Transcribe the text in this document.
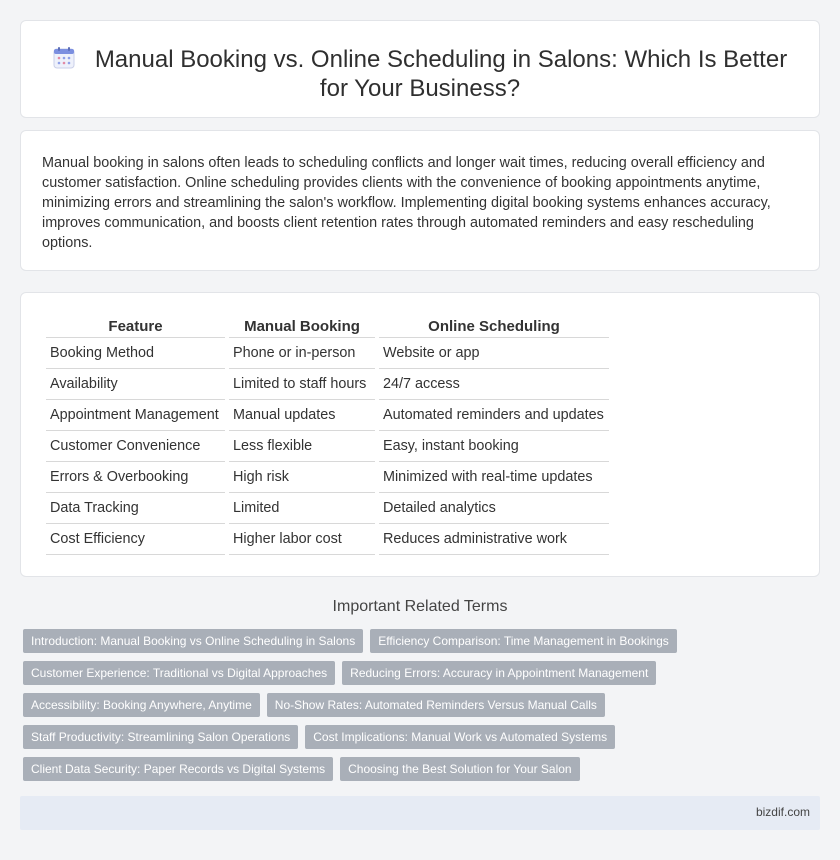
Manual Booking vs. Online Scheduling in Salons: Which Is Better for Your Business?

Manual booking in salons often leads to scheduling conflicts and longer wait times, reducing overall efficiency and customer satisfaction. Online scheduling provides clients with the convenience of booking appointments anytime, minimizing errors and streamlining the salon's workflow. Implementing digital booking systems enhances accuracy, improves communication, and boosts client retention rates through automated reminders and easy rescheduling options.

Feature	Manual Booking	Online Scheduling
Booking Method	Phone or in-person	Website or app
Availability	Limited to staff hours	24/7 access
Appointment Management	Manual updates	Automated reminders and updates
Customer Convenience	Less flexible	Easy, instant booking
Errors & Overbooking	High risk	Minimized with real-time updates
Data Tracking	Limited	Detailed analytics
Cost Efficiency	Higher labor cost	Reduces administrative work
Important Related Terms
Introduction: Manual Booking vs Online Scheduling in Salons	Efficiency Comparison: Time Management in Bookings
Customer Experience: Traditional vs Digital Approaches	Reducing Errors: Accuracy in Appointment Management
Accessibility: Booking Anywhere, Anytime	No-Show Rates: Automated Reminders Versus Manual Calls
Staff Productivity: Streamlining Salon Operations	Cost Implications: Manual Work vs Automated Systems
Client Data Security: Paper Records vs Digital Systems	Choosing the Best Solution for Your Salon
bizdif.com
